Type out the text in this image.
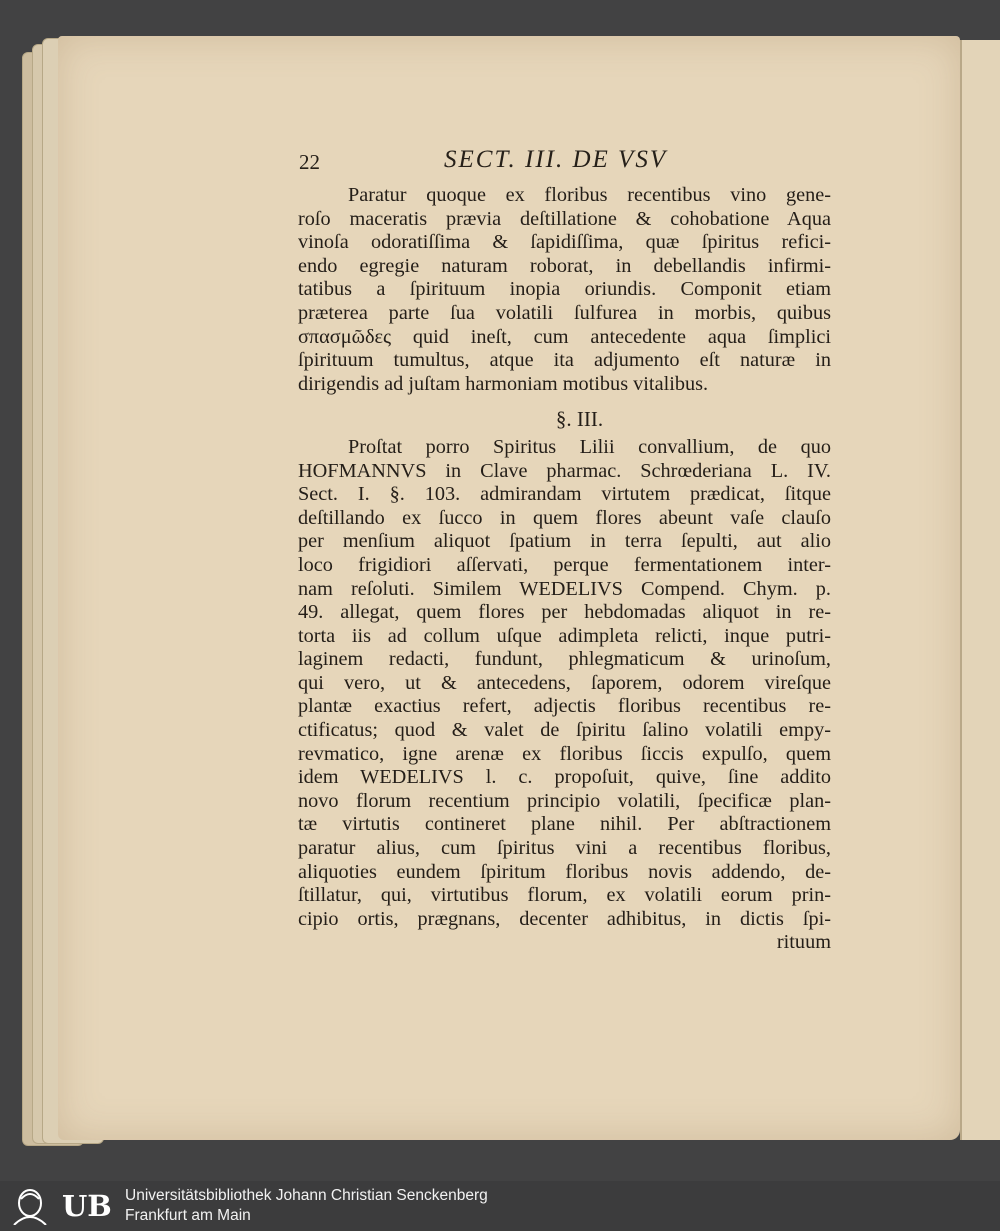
22	SECT. III. DE VSV
Paratur quoque ex floribus recentibus vino gene-
roſo maceratis prævia deſtillatione & cohobatione Aqua
vinoſa odoratiſſima & ſapidiſſima, quæ ſpiritus refici-
endo egregie naturam roborat, in debellandis infirmi-
tatibus a ſpirituum inopia oriundis. Componit etiam
præterea parte ſua volatili ſulfurea in morbis, quibus
σπασμῶδες quid ineſt, cum antecedente aqua ſimplici
ſpirituum tumultus, atque ita adjumento eſt naturæ in
dirigendis ad juſtam harmoniam motibus vitalibus.
§. III.
Proſtat porro Spiritus Lilii convallium, de quo
HOFMANNVS in Clave pharmac. Schrœderiana L. IV.
Sect. I. §. 103. admirandam virtutem prædicat, ſitque
deſtillando ex ſucco in quem flores abeunt vaſe clauſo
per menſium aliquot ſpatium in terra ſepulti, aut alio
loco frigidiori aſſervati, perque fermentationem inter-
nam reſoluti. Similem WEDELIVS Compend. Chym. p.
49. allegat, quem flores per hebdomadas aliquot in re-
torta iis ad collum uſque adimpleta relicti, inque putri-
laginem redacti, fundunt, phlegmaticum & urinoſum,
qui vero, ut & antecedens, ſaporem, odorem vireſque
plantæ exactius refert, adjectis floribus recentibus re-
ctificatus; quod & valet de ſpiritu ſalino volatili empy-
revmatico, igne arenæ ex floribus ſiccis expulſo, quem
idem WEDELIVS l. c. propoſuit, quive, ſine addito
novo florum recentium principio volatili, ſpecificæ plan-
tæ virtutis contineret plane nihil. Per abſtractionem
paratur alius, cum ſpiritus vini a recentibus floribus,
aliquoties eundem ſpiritum floribus novis addendo, de-
ſtillatur, qui, virtutibus florum, ex volatili eorum prin-
cipio ortis, prægnans, decenter adhibitus, in dictis ſpi-
rituum
UB Universitätsbibliothek Johann Christian Senckenberg
Frankfurt am Main
